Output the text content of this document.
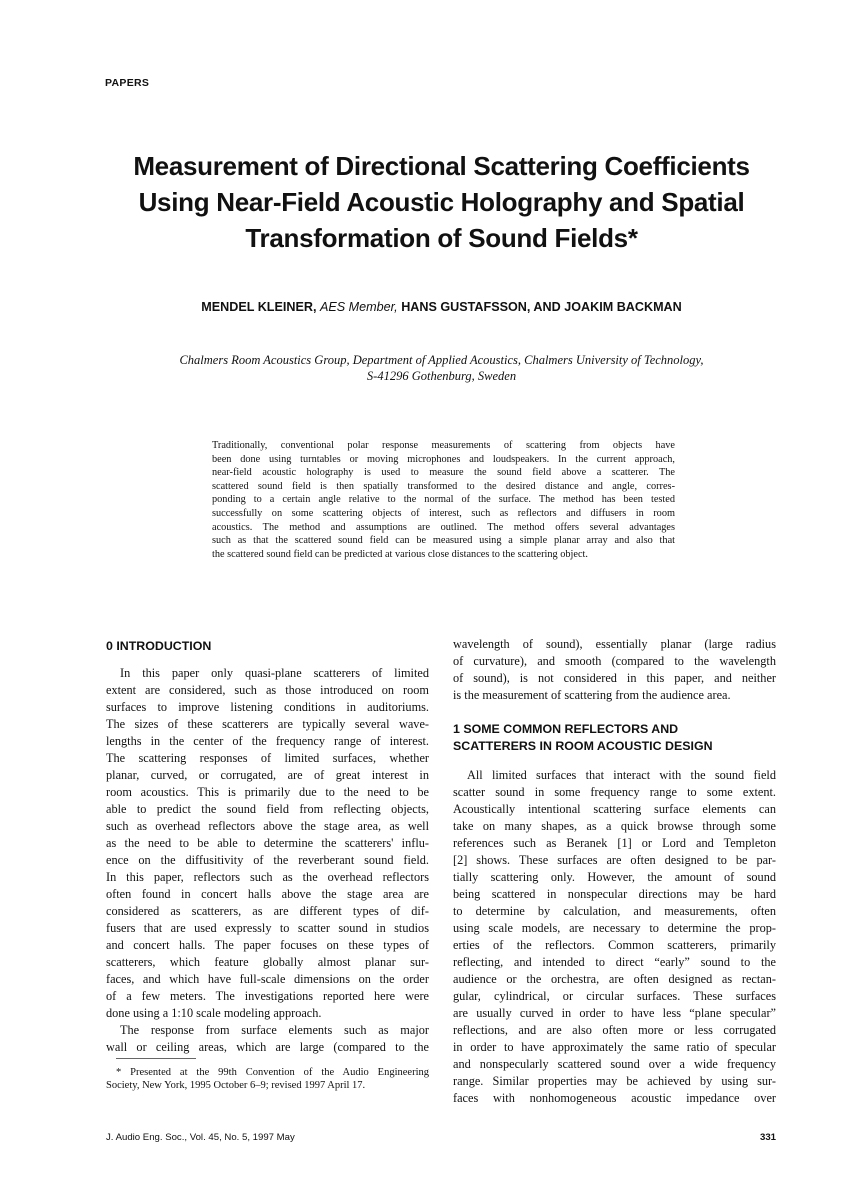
PAPERS
Measurement of Directional Scattering Coefficients
Using Near-Field Acoustic Holography and Spatial
Transformation of Sound Fields*
MENDEL KLEINER, AES Member, HANS GUSTAFSSON, AND JOAKIM BACKMAN
Chalmers Room Acoustics Group, Department of Applied Acoustics, Chalmers University of Technology,
S-41296 Gothenburg, Sweden
Traditionally, conventional polar response measurements of scattering from objects have
been done using turntables or moving microphones and loudspeakers. In the current approach,
near-field acoustic holography is used to measure the sound field above a scatterer. The
scattered sound field is then spatially transformed to the desired distance and angle, corres-
ponding to a certain angle relative to the normal of the surface. The method has been tested
successfully on some scattering objects of interest, such as reflectors and diffusers in room
acoustics. The method and assumptions are outlined. The method offers several advantages
such as that the scattered sound field can be measured using a simple planar array and also that
the scattered sound field can be predicted at various close distances to the scattering object.
0 INTRODUCTION
In this paper only quasi-plane scatterers of limited
extent are considered, such as those introduced on room
surfaces to improve listening conditions in auditoriums.
The sizes of these scatterers are typically several wave-
lengths in the center of the frequency range of interest.
The scattering responses of limited surfaces, whether
planar, curved, or corrugated, are of great interest in
room acoustics. This is primarily due to the need to be
able to predict the sound field from reflecting objects,
such as overhead reflectors above the stage area, as well
as the need to be able to determine the scatterers' influ-
ence on the diffusitivity of the reverberant sound field.
In this paper, reflectors such as the overhead reflectors
often found in concert halls above the stage area are
considered as scatterers, as are different types of dif-
fusers that are used expressly to scatter sound in studios
and concert halls. The paper focuses on these types of
scatterers, which feature globally almost planar sur-
faces, and which have full-scale dimensions on the order
of a few meters. The investigations reported here were
done using a 1:10 scale modeling approach.
The response from surface elements such as major
wall or ceiling areas, which are large (compared to the
wavelength of sound), essentially planar (large radius
of curvature), and smooth (compared to the wavelength
of sound), is not considered in this paper, and neither
is the measurement of scattering from the audience area.
1 SOME COMMON REFLECTORS AND
SCATTERERS IN ROOM ACOUSTIC DESIGN
All limited surfaces that interact with the sound field
scatter sound in some frequency range to some extent.
Acoustically intentional scattering surface elements can
take on many shapes, as a quick browse through some
references such as Beranek [1] or Lord and Templeton
[2] shows. These surfaces are often designed to be par-
tially scattering only. However, the amount of sound
being scattered in nonspecular directions may be hard
to determine by calculation, and measurements, often
using scale models, are necessary to determine the prop-
erties of the reflectors. Common scatterers, primarily
reflecting, and intended to direct “early” sound to the
audience or the orchestra, are often designed as rectan-
gular, cylindrical, or circular surfaces. These surfaces
are usually curved in order to have less “plane specular”
reflections, and are also often more or less corrugated
in order to have approximately the same ratio of specular
and nonspecularly scattered sound over a wide frequency
range. Similar properties may be achieved by using sur-
faces with nonhomogeneous acoustic impedance over
* Presented at the 99th Convention of the Audio Engineering
Society, New York, 1995 October 6–9; revised 1997 April 17.
J. Audio Eng. Soc., Vol. 45, No. 5, 1997 May	331
